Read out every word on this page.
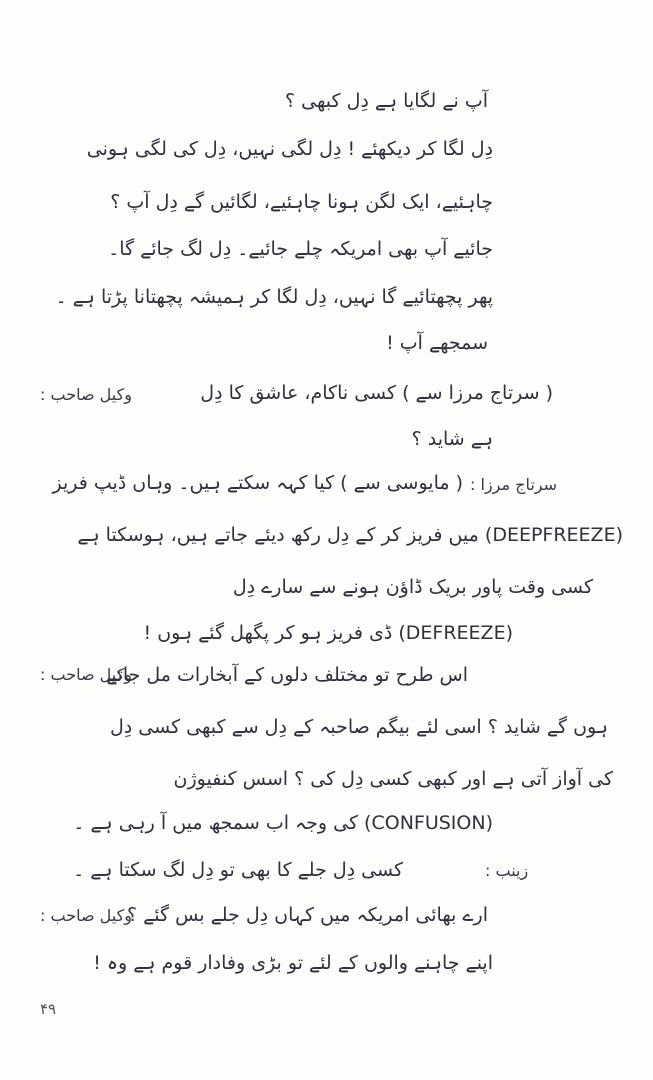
آپ نے لگایا ہے دِل کبھی ؟
دِل لگا کر دیکھئے ! دِل لگی نہیں، دِل کی لگی ہونی
چاہئیے، ایک لگن ہونا چاہئیے، لگائیں گے دِل آپ ؟
جائیے آپ بھی امریکہ چلے جائیے۔ دِل لگ جائے گا۔
پھر پچھتائیے گا نہیں، دِل لگا کر ہمیشہ پچھتانا پڑتا ہے ۔
سمجھے آپ !
وکیل صاحب :	( سرتاج مرزا سے ) کسی ناکام، عاشق کا دِل
ہے شاید ؟
سرتاج مرزا :
( مایوسی سے ) کیا کہہ سکتے ہیں۔ وہاں ڈیپ فریز
(DEEPFREEZE) میں فریز کر کے دِل رکھ دیئے جاتے ہیں، ہوسکتا ہے
کسی وقت پاور بریک ڈاؤن ہونے سے سارے دِل
(DEFREEZE) ڈی فریز ہو کر پگھل گئے ہوں !
وکیل صاحب :
اس طرح تو مختلف دلوں کے آبخارات مل جاتے
ہوں گے شاید ؟ اسی لئے بیگم صاحبہ کے دِل سے کبھی کسی دِل
کی آواز آتی ہے اور کبھی کسی دِل کی ؟ اسس کنفیوژن
(CONFUSION) کی وجہ اب سمجھ میں آ رہی ہے ۔
زینب :
کسی دِل جلے کا بھی تو دِل لگ سکتا ہے ۔
وکیل صاحب :
ارے بھائی امریکہ میں کہاں دِل جلے بس گئے ؟
اپنے چاہنے والوں کے لئے تو بڑی وفادار قوم ہے وہ !
۴۹
